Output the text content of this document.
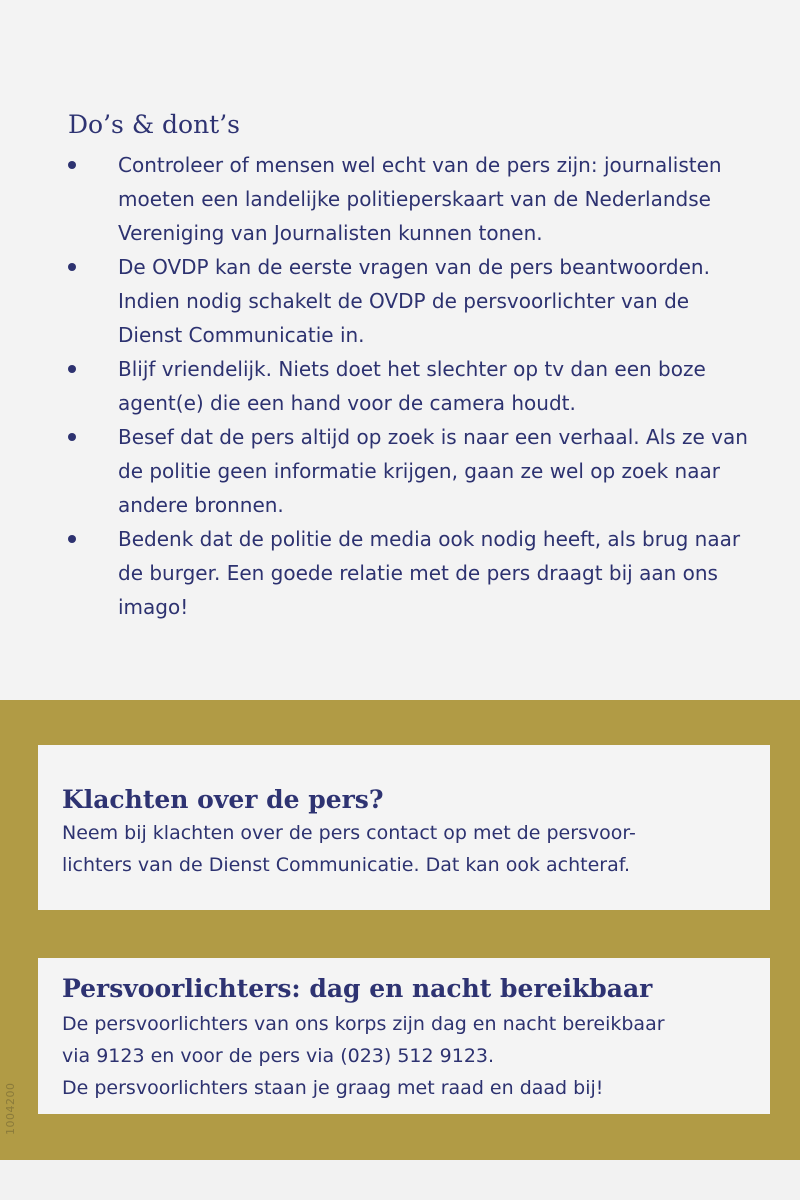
Do’s & dont’s
Controleer of mensen wel echt van de pers zijn: journalisten moeten een landelijke politieperskaart van de Nederlandse Vereniging van Journalisten kunnen tonen.
De OVDP kan de eerste vragen van de pers beantwoorden. Indien nodig schakelt de OVDP de persvoorlichter van de Dienst Communicatie in.
Blijf vriendelijk. Niets doet het slechter op tv dan een boze agent(e) die een hand voor de camera houdt.
Besef dat de pers altijd op zoek is naar een verhaal. Als ze van de politie geen informatie krijgen, gaan ze wel op zoek naar andere bronnen.
Bedenk dat de politie de media ook nodig heeft, als brug naar de burger. Een goede relatie met de pers draagt bij aan ons imago!
Klachten over de pers?
Neem bij klachten over de pers contact op met de persvoor-
lichters van de Dienst Communicatie. Dat kan ook achteraf.
Persvoorlichters: dag en nacht bereikbaar
De persvoorlichters van ons korps zijn dag en nacht bereikbaar
via 9123 en voor de pers via (023) 512 9123.
De persvoorlichters staan je graag met raad en daad bij!
1004200
